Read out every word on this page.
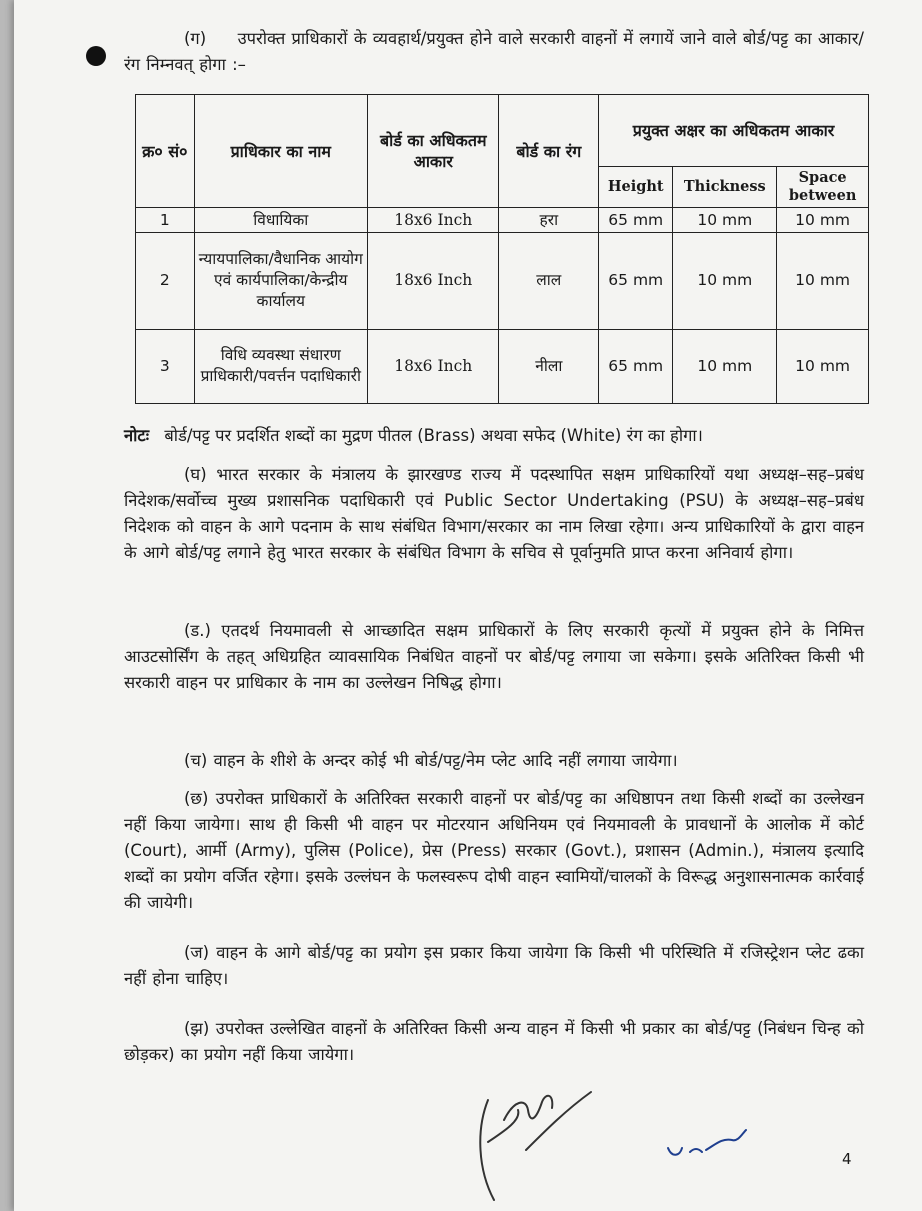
(ग) उपरोक्त प्राधिकारों के व्यवहार्थ/प्रयुक्त होने वाले सरकारी वाहनों में लगायें जाने वाले बोर्ड/पट्ट का आकार/रंग निम्नवत् होगा :–
क्र० सं०	प्राधिकार का नाम	बोर्ड का अधिकतम आकार	बोर्ड का रंग	प्रयुक्त अक्षर का अधिकतम आकार		
				Height	Thickness	Space between
1	विधायिका	18x6 Inch	हरा	65 mm	10 mm	10 mm
2	न्यायपालिका/वैधानिक आयोग एवं कार्यपालिका/केन्द्रीय कार्यालय	18x6 Inch	लाल	65 mm	10 mm	10 mm
3	विधि व्यवस्था संधारण प्राधिकारी/पवर्त्तन पदाधिकारी	18x6 Inch	नीला	65 mm	10 mm	10 mm
नोटः बोर्ड/पट्ट पर प्रदर्शित शब्दों का मुद्रण पीतल (Brass) अथवा सफेद (White) रंग का होगा।
(घ) भारत सरकार के मंत्रालय के झारखण्ड राज्य में पदस्थापित सक्षम प्राधिकारियों यथा अध्यक्ष–सह–प्रबंध निदेशक/सर्वोच्च मुख्य प्रशासनिक पदाधिकारी एवं Public Sector Undertaking (PSU) के अध्यक्ष–सह–प्रबंध निदेशक को वाहन के आगे पदनाम के साथ संबंधित विभाग/सरकार का नाम लिखा रहेगा। अन्य प्राधिकारियों के द्वारा वाहन के आगे बोर्ड/पट्ट लगाने हेतु भारत सरकार के संबंधित विभाग के सचिव से पूर्वानुमति प्राप्त करना अनिवार्य होगा।
(ड.) एतदर्थ नियमावली से आच्छादित सक्षम प्राधिकारों के लिए सरकारी कृत्यों में प्रयुक्त होने के निमित्त आउटसोर्सिंग के तहत् अधिग्रहित व्यावसायिक निबंधित वाहनों पर बोर्ड/पट्ट लगाया जा सकेगा। इसके अतिरिक्त किसी भी सरकारी वाहन पर प्राधिकार के नाम का उल्लेखन निषिद्ध होगा।
(च) वाहन के शीशे के अन्दर कोई भी बोर्ड/पट्ट/नेम प्लेट आदि नहीं लगाया जायेगा।
(छ) उपरोक्त प्राधिकारों के अतिरिक्त सरकारी वाहनों पर बोर्ड/पट्ट का अधिष्ठापन तथा किसी शब्दों का उल्लेखन नहीं किया जायेगा। साथ ही किसी भी वाहन पर मोटरयान अधिनियम एवं नियमावली के प्रावधानों के आलोक में कोर्ट (Court), आर्मी (Army), पुलिस (Police), प्रेस (Press) सरकार (Govt.), प्रशासन (Admin.), मंत्रालय इत्यादि शब्दों का प्रयोग वर्जित रहेगा। इसके उल्लंघन के फलस्वरूप दोषी वाहन स्वामियों/चालकों के विरूद्ध अनुशासनात्मक कार्रवाई की जायेगी।
(ज) वाहन के आगे बोर्ड/पट्ट का प्रयोग इस प्रकार किया जायेगा कि किसी भी परिस्थिति में रजिस्ट्रेशन प्लेट ढका नहीं होना चाहिए।
(झ) उपरोक्त उल्लेखित वाहनों के अतिरिक्त किसी अन्य वाहन में किसी भी प्रकार का बोर्ड/पट्ट (निबंधन चिन्ह को छोड़कर) का प्रयोग नहीं किया जायेगा।
4
